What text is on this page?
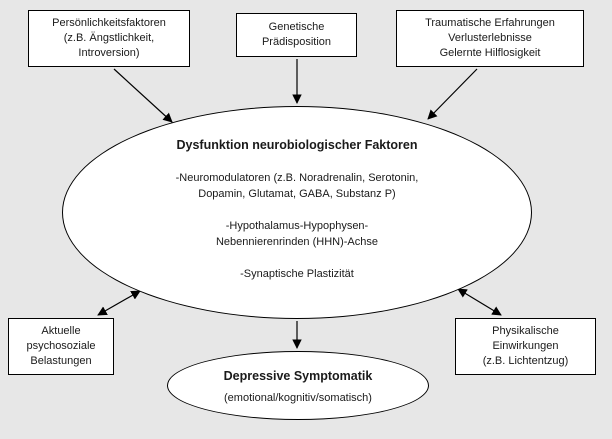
Persönlichkeitsfaktoren
(z.B. Ängstlichkeit,
Introversion)
Genetische
Prädisposition
Traumatische Erfahrungen
Verlusterlebnisse
Gelernte Hilflosigkeit
Dysfunktion neurobiologischer Faktoren
-Neuromodulatoren (z.B. Noradrenalin, Serotonin,
Dopamin, Glutamat, GABA, Substanz P)
-Hypothalamus-Hypophysen-
Nebennierenrinden (HHN)-Achse
-Synaptische Plastizität
Aktuelle
psychosoziale
Belastungen
Physikalische
Einwirkungen
(z.B. Lichtentzug)
Depressive Symptomatik
(emotional/kognitiv/somatisch)
